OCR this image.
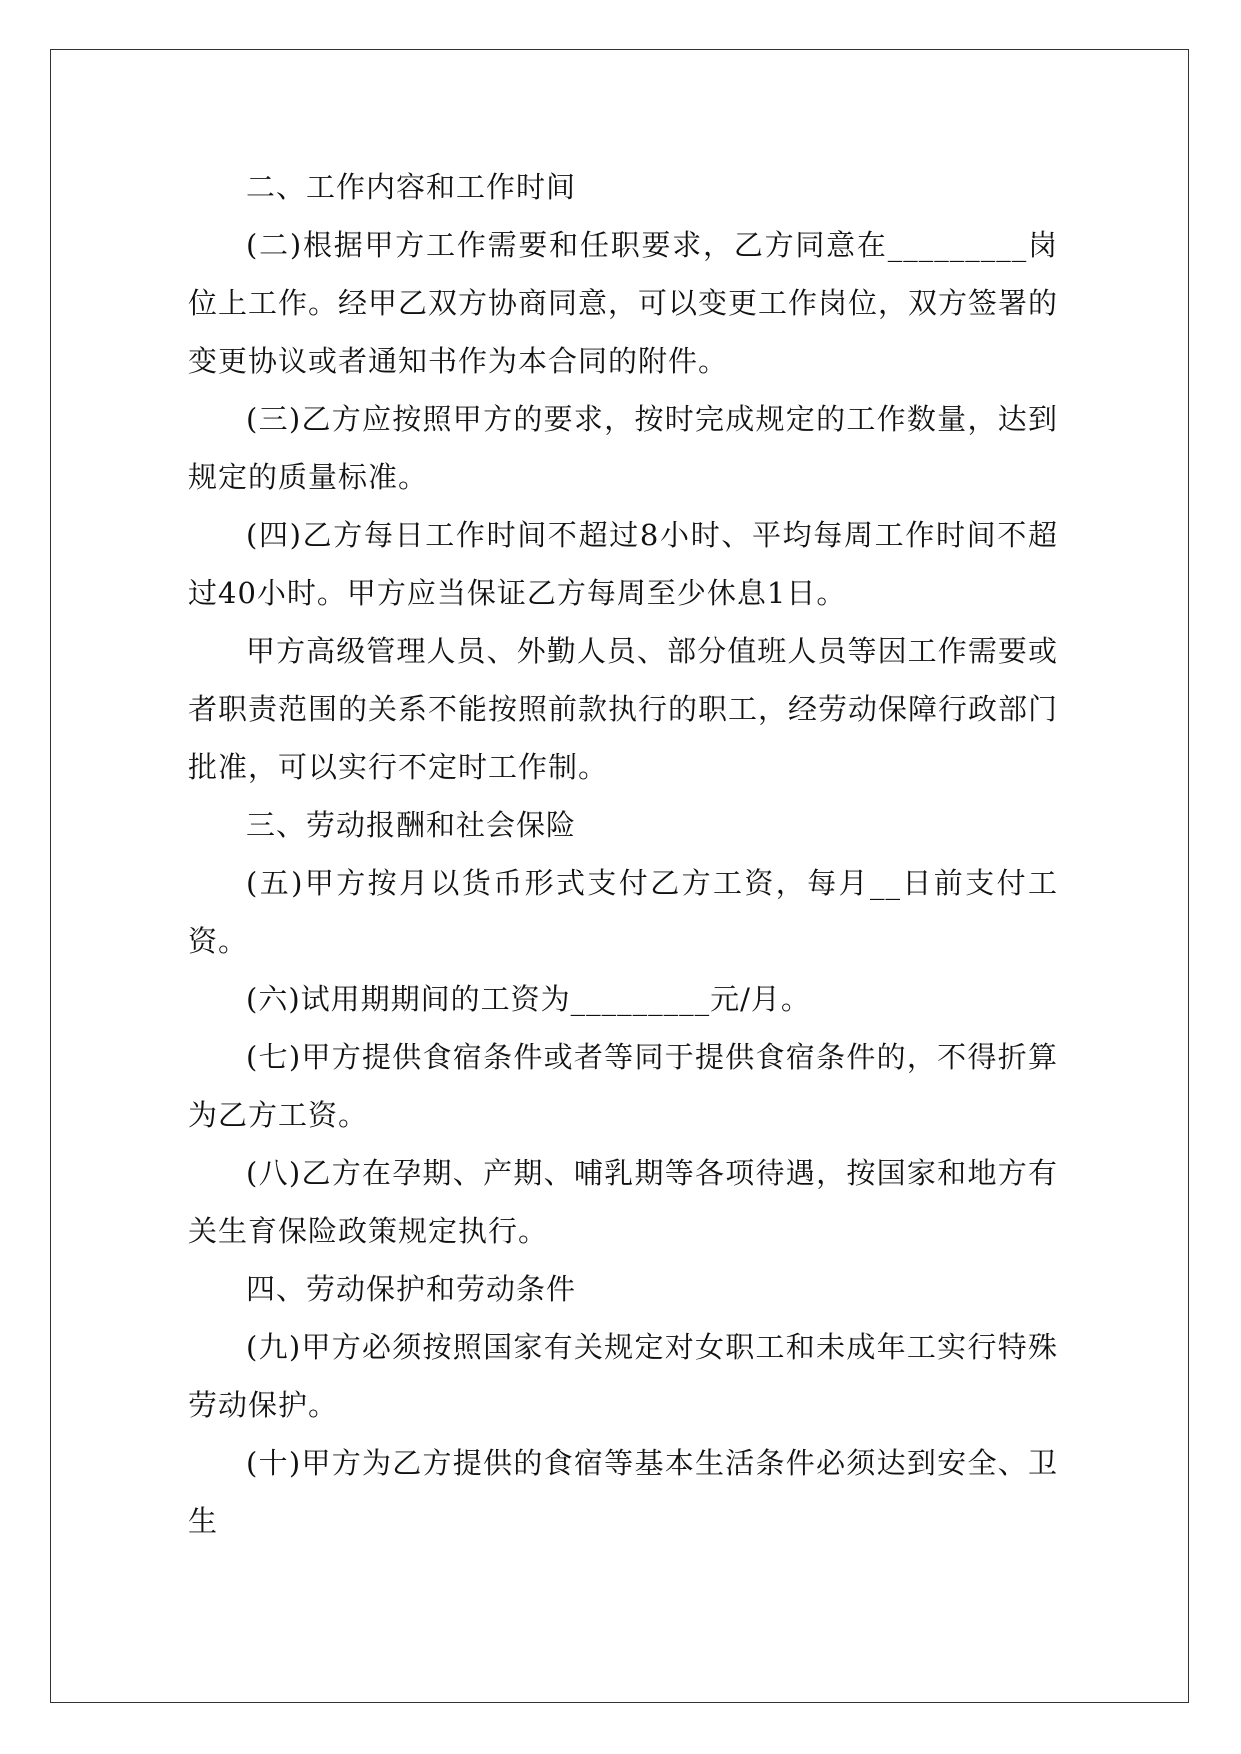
二、工作内容和工作时间

(二)根据甲方工作需要和任职要求，乙方同意在_________岗位上工作。经甲乙双方协商同意，可以变更工作岗位，双方签署的变更协议或者通知书作为本合同的附件。

(三)乙方应按照甲方的要求，按时完成规定的工作数量，达到规定的质量标准。

(四)乙方每日工作时间不超过8小时、平均每周工作时间不超过40小时。甲方应当保证乙方每周至少休息1日。

甲方高级管理人员、外勤人员、部分值班人员等因工作需要或者职责范围的关系不能按照前款执行的职工，经劳动保障行政部门批准，可以实行不定时工作制。

三、劳动报酬和社会保险

(五)甲方按月以货币形式支付乙方工资，每月__日前支付工资。

(六)试用期期间的工资为_________元/月。

(七)甲方提供食宿条件或者等同于提供食宿条件的，不得折算为乙方工资。

(八)乙方在孕期、产期、哺乳期等各项待遇，按国家和地方有关生育保险政策规定执行。

四、劳动保护和劳动条件

(九)甲方必须按照国家有关规定对女职工和未成年工实行特殊劳动保护。

(十)甲方为乙方提供的食宿等基本生活条件必须达到安全、卫生
